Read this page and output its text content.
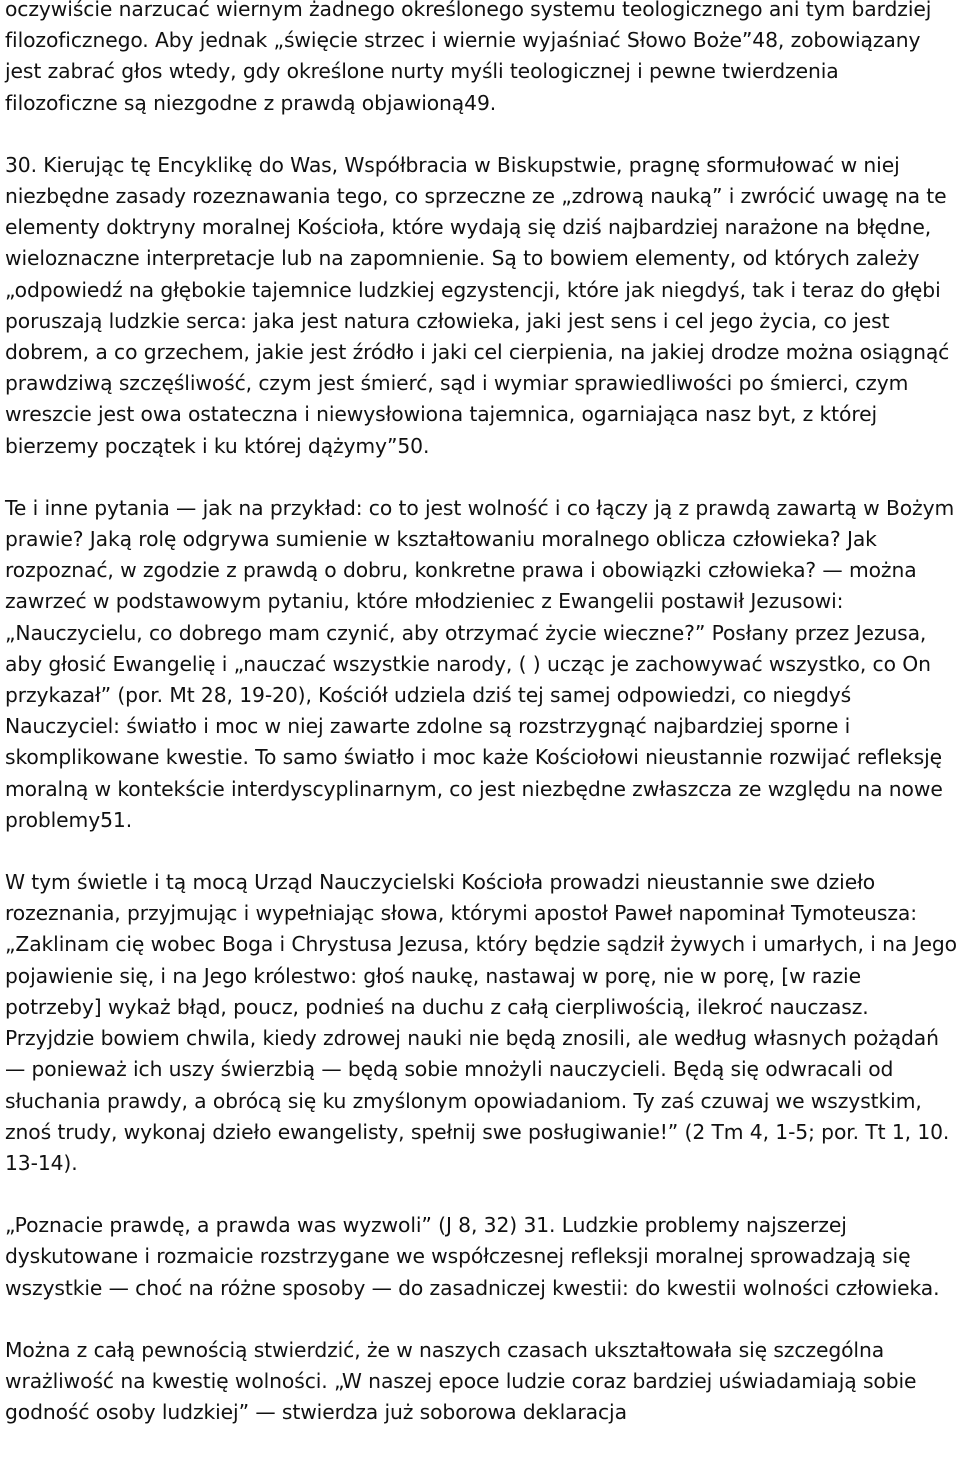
oczywiście narzucać wiernym żadnego określonego systemu teologicznego ani tym bardziej filozoficznego. Aby jednak „święcie strzec i wiernie wyjaśniać Słowo Boże”48, zobowiązany jest zabrać głos wtedy, gdy określone nurty myśli teologicznej i pewne twierdzenia filozoficzne są niezgodne z prawdą objawioną49.

30. Kierując tę Encyklikę do Was, Współbracia w Biskupstwie, pragnę sformułować w niej niezbędne zasady rozeznawania tego, co sprzeczne ze „zdrową nauką” i zwrócić uwagę na te elementy doktryny moralnej Kościoła, które wydają się dziś najbardziej narażone na błędne, wieloznaczne interpretacje lub na zapomnienie. Są to bowiem elementy, od których zależy „odpowiedź na głębokie tajemnice ludzkiej egzystencji, które jak niegdyś, tak i teraz do głębi poruszają ludzkie serca: jaka jest natura człowieka, jaki jest sens i cel jego życia, co jest dobrem, a co grzechem, jakie jest źródło i jaki cel cierpienia, na jakiej drodze można osiągnąć prawdziwą szczęśliwość, czym jest śmierć, sąd i wymiar sprawiedliwości po śmierci, czym wreszcie jest owa ostateczna i niewysłowiona tajemnica, ogarniająca nasz byt, z której bierzemy początek i ku której dążymy”50.

Te i inne pytania — jak na przykład: co to jest wolność i co łączy ją z prawdą zawartą w Bożym prawie? Jaką rolę odgrywa sumienie w kształtowaniu moralnego oblicza człowieka? Jak rozpoznać, w zgodzie z prawdą o dobru, konkretne prawa i obowiązki człowieka? — można zawrzeć w podstawowym pytaniu, które młodzieniec z Ewangelii postawił Jezusowi: „Nauczycielu, co dobrego mam czynić, aby otrzymać życie wieczne?” Posłany przez Jezusa, aby głosić Ewangelię i „nauczać wszystkie narody, ( ) ucząc je zachowywać wszystko, co On przykazał” (por. Mt 28, 19-20), Kościół udziela dziś tej samej odpowiedzi, co niegdyś Nauczyciel: światło i moc w niej zawarte zdolne są rozstrzygnąć najbardziej sporne i skomplikowane kwestie. To samo światło i moc każe Kościołowi nieustannie rozwijać refleksję moralną w kontekście interdyscyplinarnym, co jest niezbędne zwłaszcza ze względu na nowe problemy51.

W tym świetle i tą mocą Urząd Nauczycielski Kościoła prowadzi nieustannie swe dzieło rozeznania, przyjmując i wypełniając słowa, którymi apostoł Paweł napominał Tymoteusza: „Zaklinam cię wobec Boga i Chrystusa Jezusa, który będzie sądził żywych i umarłych, i na Jego pojawienie się, i na Jego królestwo: głoś naukę, nastawaj w porę, nie w porę, [w razie potrzeby] wykaż błąd, poucz, podnieś na duchu z całą cierpliwością, ilekroć nauczasz. Przyjdzie bowiem chwila, kiedy zdrowej nauki nie będą znosili, ale według własnych pożądań — ponieważ ich uszy świerzbią — będą sobie mnożyli nauczycieli. Będą się odwracali od słuchania prawdy, a obrócą się ku zmyślonym opowiadaniom. Ty zaś czuwaj we wszystkim, znoś trudy, wykonaj dzieło ewangelisty, spełnij swe posługiwanie!” (2 Tm 4, 1-5; por. Tt 1, 10. 13-14).

„Poznacie prawdę, a prawda was wyzwoli” (J 8, 32) 31. Ludzkie problemy najszerzej dyskutowane i rozmaicie rozstrzygane we współczesnej refleksji moralnej sprowadzają się wszystkie — choć na różne sposoby — do zasadniczej kwestii: do kwestii wolności człowieka.

Można z całą pewnością stwierdzić, że w naszych czasach ukształtowała się szczególna wrażliwość na kwestię wolności. „W naszej epoce ludzie coraz bardziej uświadamiają sobie godność osoby ludzkiej” — stwierdza już soborowa deklaracja
